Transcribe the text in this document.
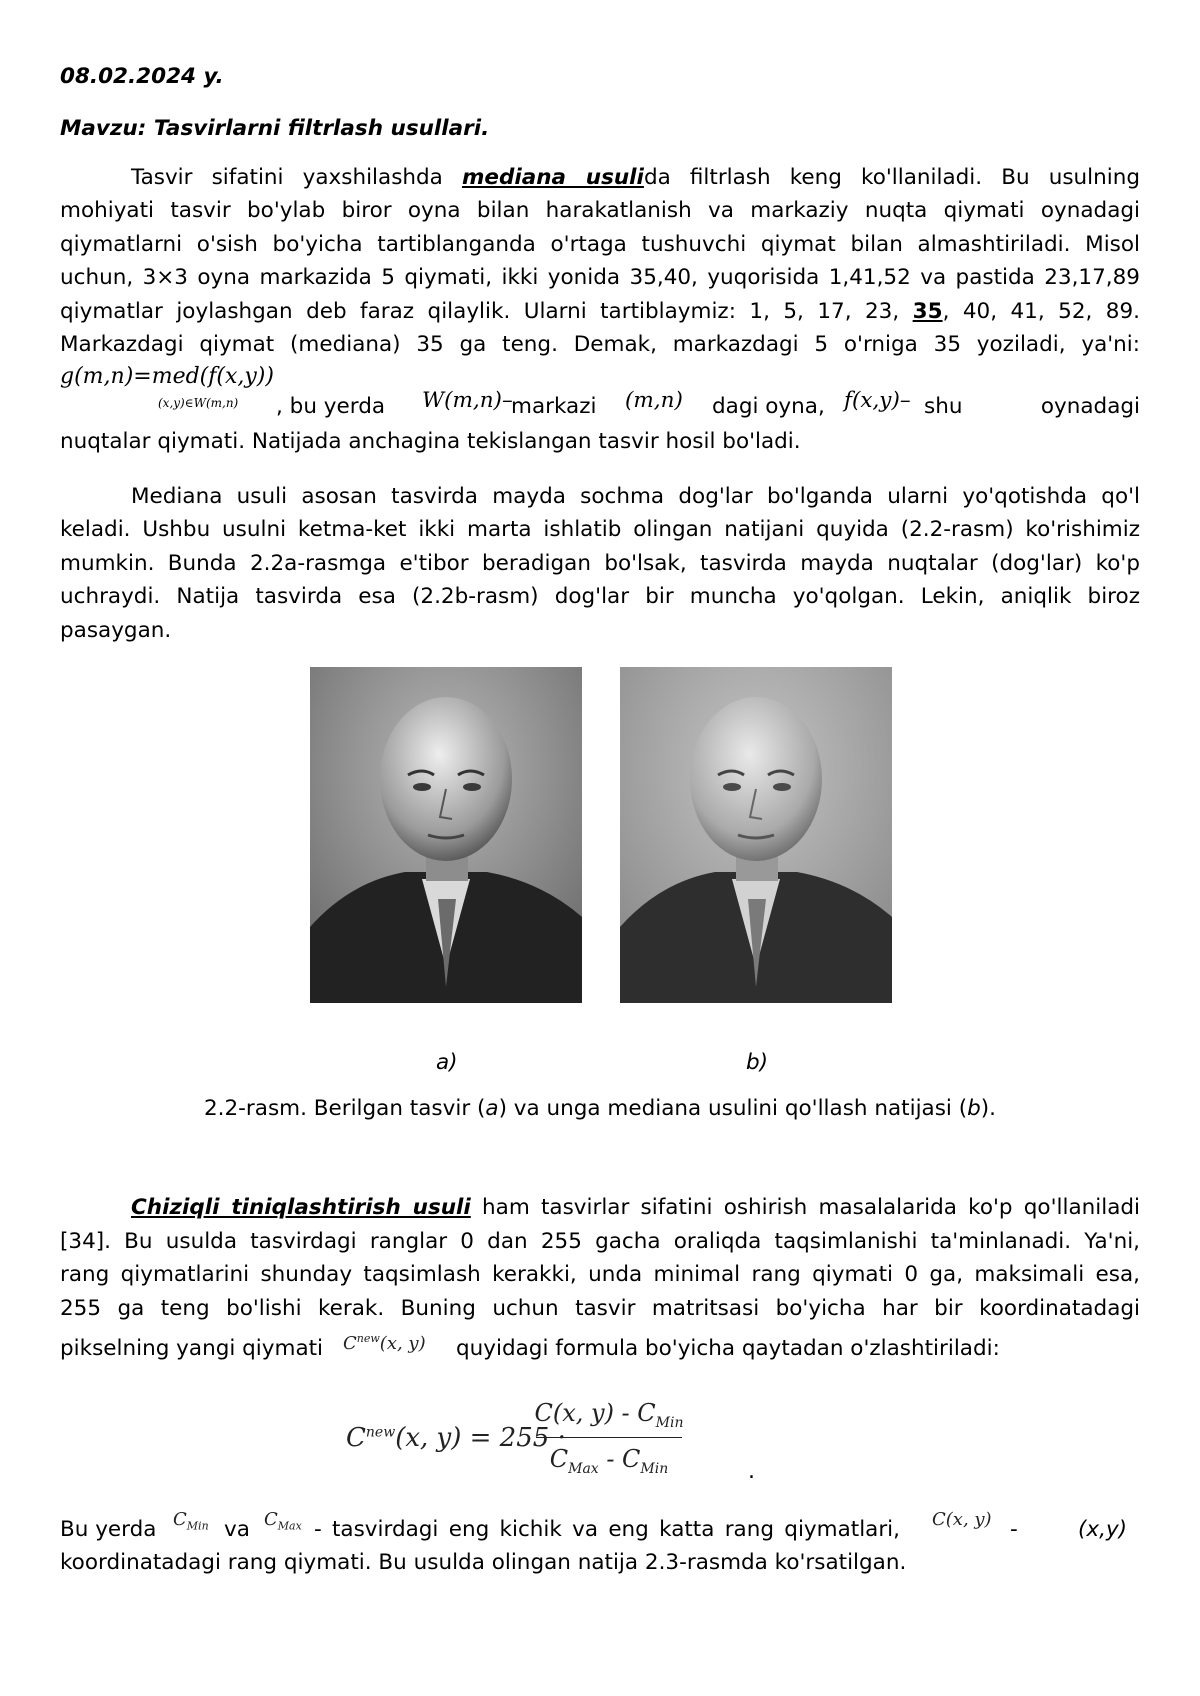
08.02.2024 y.
Mavzu: Tasvirlarni filtrlash usullari.
Tasvir sifatini yaxshilashda mediana usulida filtrlash keng ko'llaniladi. Bu usulning
mohiyati tasvir bo'ylab biror oyna bilan harakatlanish va markaziy nuqta qiymati oynadagi
qiymatlarni o'sish bo'yicha tartiblanganda o'rtaga tushuvchi qiymat bilan almashtiriladi. Misol
uchun, 3×3 oyna markazida 5 qiymati, ikki yonida 35,40, yuqorisida 1,41,52 va pastida 23,17,89
qiymatlar joylashgan deb faraz qilaylik. Ularni tartiblaymiz: 1, 5, 17, 23, 35, 40, 41, 52, 89.
Markazdagi qiymat (mediana) 35 ga teng. Demak, markazdagi 5 o'rniga 35 yoziladi, ya'ni:
g(m,n)=med(f(x,y))
(x,y)∈W(m,n)	, bu yerda W(m,n)–
markazi (m,n) dagi oyna, f(x,y)– shu oynadagi
nuqtalar qiymati. Natijada anchagina tekislangan tasvir hosil bo'ladi.
Mediana usuli asosan tasvirda mayda sochma dog'lar bo'lganda ularni yo'qotishda qo'l
keladi. Ushbu usulni ketma-ket ikki marta ishlatib olingan natijani quyida (2.2-rasm) ko'rishimiz
mumkin. Bunda 2.2a-rasmga e'tibor beradigan bo'lsak, tasvirda mayda nuqtalar (dog'lar) ko'p
uchraydi. Natija tasvirda esa (2.2b-rasm) dog'lar bir muncha yo'qolgan. Lekin, aniqlik biroz
pasaygan.
a)	b)
2.2-rasm. Berilgan tasvir (a) va unga mediana usulini qo'llash natijasi (b).
Chiziqli tiniqlashtirish usuli ham tasvirlar sifatini oshirish masalalarida ko'p qo'llaniladi
[34]. Bu usulda tasvirdagi ranglar 0 dan 255 gacha oraliqda taqsimlanishi ta'minlanadi. Ya'ni,
rang qiymatlarini shunday taqsimlash kerakki, unda minimal rang qiymati 0 ga, maksimali esa,
255 ga teng bo'lishi kerak. Buning uchun tasvir matritsasi bo'yicha har bir koordinatadagi
pikselning yangi qiymati $C^{new}(x$, y) quyidagi formula bo'yicha qaytadan o'zlashtiriladi:
$C^{new}(x$, y) = 255 ·
C(x, $y) - C_{Min}$
$C_{Max} - C_{Min}$	.
Bu yerda $C_{Min}$ va $C_{Max}$ - tasvirdagi eng kichik va eng katta rang qiymatlari, C(x, y) -	(x,y)
koordinatadagi rang qiymati. Bu usulda olingan natija 2.3-rasmda ko'rsatilgan.
